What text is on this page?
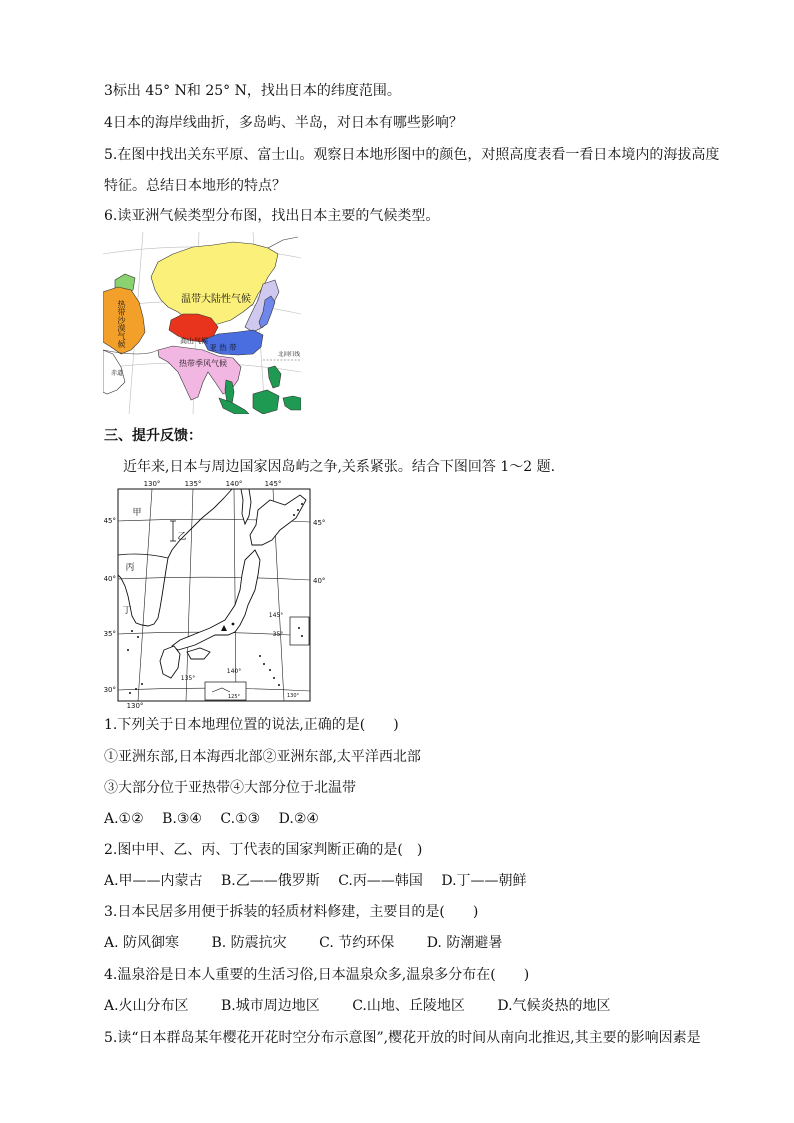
3标出 45° N和 25° N，找出日本的纬度范围。
4日本的海岸线曲折，多岛屿、半岛，对日本有哪些影响？
5.在图中找出关东平原、富士山。观察日本地形图中的颜色，对照高度表看一看日本境内的海拔高度特征。总结日本地形的特点？
6.读亚洲气候类型分布图，找出日本主要的气候类型。
温带大陆性气候
高山气候
亚 热 带
热带季风气候
北回归线
赤道
热带沙漠气候
三、提升反馈：
近年来,日本与周边国家因岛屿之争,关系紧张。结合下图回答 1～2 题.
130°	135°	140°	145°
45°
40°
35°
30°
45°
40°
35°
145°
135°
140°
130°
125°	130°
甲
乙
丙
丁
1.下列关于日本地理位置的说法,正确的是(　　)
①亚洲东部,日本海西北部②亚洲东部,太平洋西北部
③大部分位于亚热带④大部分位于北温带
A.①② B.③④ C.①③ D.②④
2.图中甲、乙、丙、丁代表的国家判断正确的是(　)
A.甲——内蒙古 B.乙——俄罗斯 C.丙——韩国 D.丁——朝鲜
3.日本民居多用便于拆装的轻质材料修建，主要目的是(　　)
A. 防风御寒 B. 防震抗灾 C. 节约环保 D. 防潮避暑
4.温泉浴是日本人重要的生活习俗,日本温泉众多,温泉多分布在(　　)
A.火山分布区 B.城市周边地区 C.山地、丘陵地区 D.气候炎热的地区
5.读“日本群岛某年樱花开花时空分布示意图”,樱花开放的时间从南向北推迟,其主要的影响因素是
